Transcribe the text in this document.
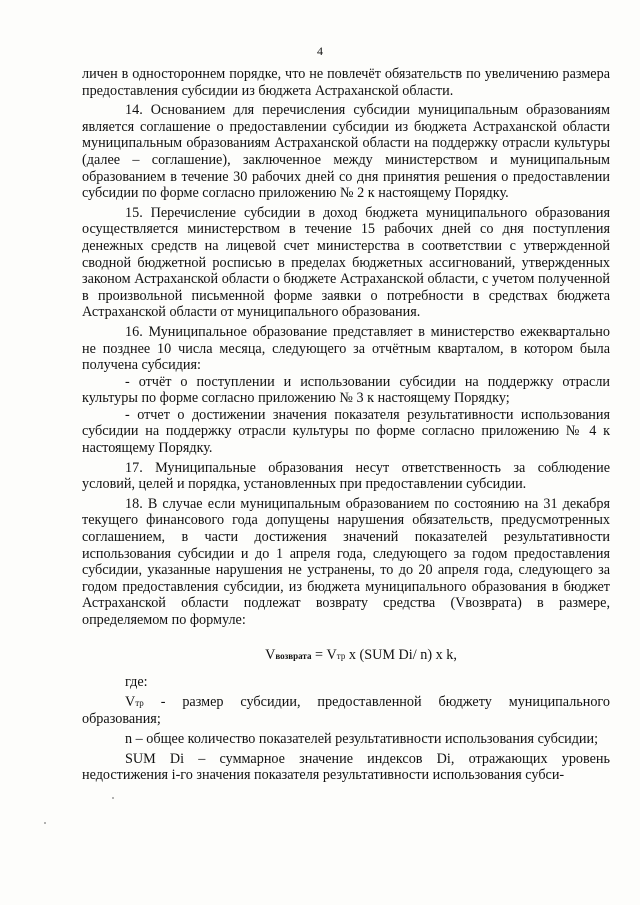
4

личен в одностороннем порядке, что не повлечёт обязательств по увеличению размера предоставления субсидии из бюджета Астраханской области.

14. Основанием для перечисления субсидии муниципальным образованиям является соглашение о предоставлении субсидии из бюджета Астраханской области муниципальным образованиям Астраханской области на поддержку отрасли культуры (далее – соглашение), заключенное между министерством и муниципальным образованием в течение 30 рабочих дней со дня принятия решения о предоставлении субсидии по форме согласно приложению № 2 к настоящему Порядку.

15. Перечисление субсидии в доход бюджета муниципального образования осуществляется министерством в течение 15 рабочих дней со дня поступления денежных средств на лицевой счет министерства в соответствии с утвержденной сводной бюджетной росписью в пределах бюджетных ассигнований, утвержденных законом Астраханской области о бюджете Астраханской области, с учетом полученной в произвольной письменной форме заявки о потребности в средствах бюджета Астраханской области от муниципального образования.

16. Муниципальное образование представляет в министерство ежеквартально не позднее 10 числа месяца, следующего за отчётным кварталом, в котором была получена субсидия:

- отчёт о поступлении и использовании субсидии на поддержку отрасли культуры по форме согласно приложению № 3 к настоящему Порядку;

- отчет о достижении значения показателя результативности использования субсидии на поддержку отрасли культуры по форме согласно приложению № 4 к настоящему Порядку.

17. Муниципальные образования несут ответственность за соблюдение условий, целей и порядка, установленных при предоставлении субсидии.

18. В случае если муниципальным образованием по состоянию на 31 декабря текущего финансового года допущены нарушения обязательств, предусмотренных соглашением, в части достижения значений показателей результативности использования субсидии и до 1 апреля года, следующего за годом предоставления субсидии, указанные нарушения не устранены, то до 20 апреля года, следующего за годом предоставления субсидии, из бюджета муниципального образования в бюджет Астраханской области подлежат возврату средства (Vвозврата) в размере, определяемом по формуле:

Vвозврата = Vтр x (SUM Di/ n) x k,

где:

Vтр - размер субсидии, предоставленной бюджету муниципального образования;

n – общее количество показателей результативности использования субсидии;

SUM Di – суммарное значение индексов Di, отражающих уровень недостижения i-го значения показателя результативности использования субси-
